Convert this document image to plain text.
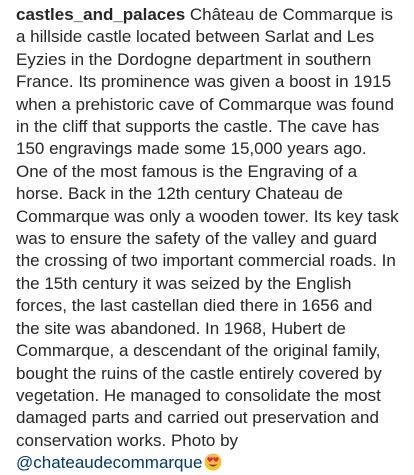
castles_and_palaces Château de Commarque is a hillside castle located between Sarlat and Les Eyzies in the Dordogne department in southern France. Its prominence was given a boost in 1915 when a prehistoric cave of Commarque was found in the cliff that supports the castle. The cave has 150 engravings made some 15,000 years ago. One of the most famous is the Engraving of a horse. Back in the 12th century Chateau de Commarque was only a wooden tower. Its key task was to ensure the safety of the valley and guard the crossing of two important commercial roads. In the 15th century it was seized by the English forces, the last castellan died there in 1656 and the site was abandoned. In 1968, Hubert de Commarque, a descendant of the original family, bought the ruins of the castle entirely covered by vegetation. He managed to consolidate the most damaged parts and carried out preservation and conservation works. Photo by @chateaudecommarque
